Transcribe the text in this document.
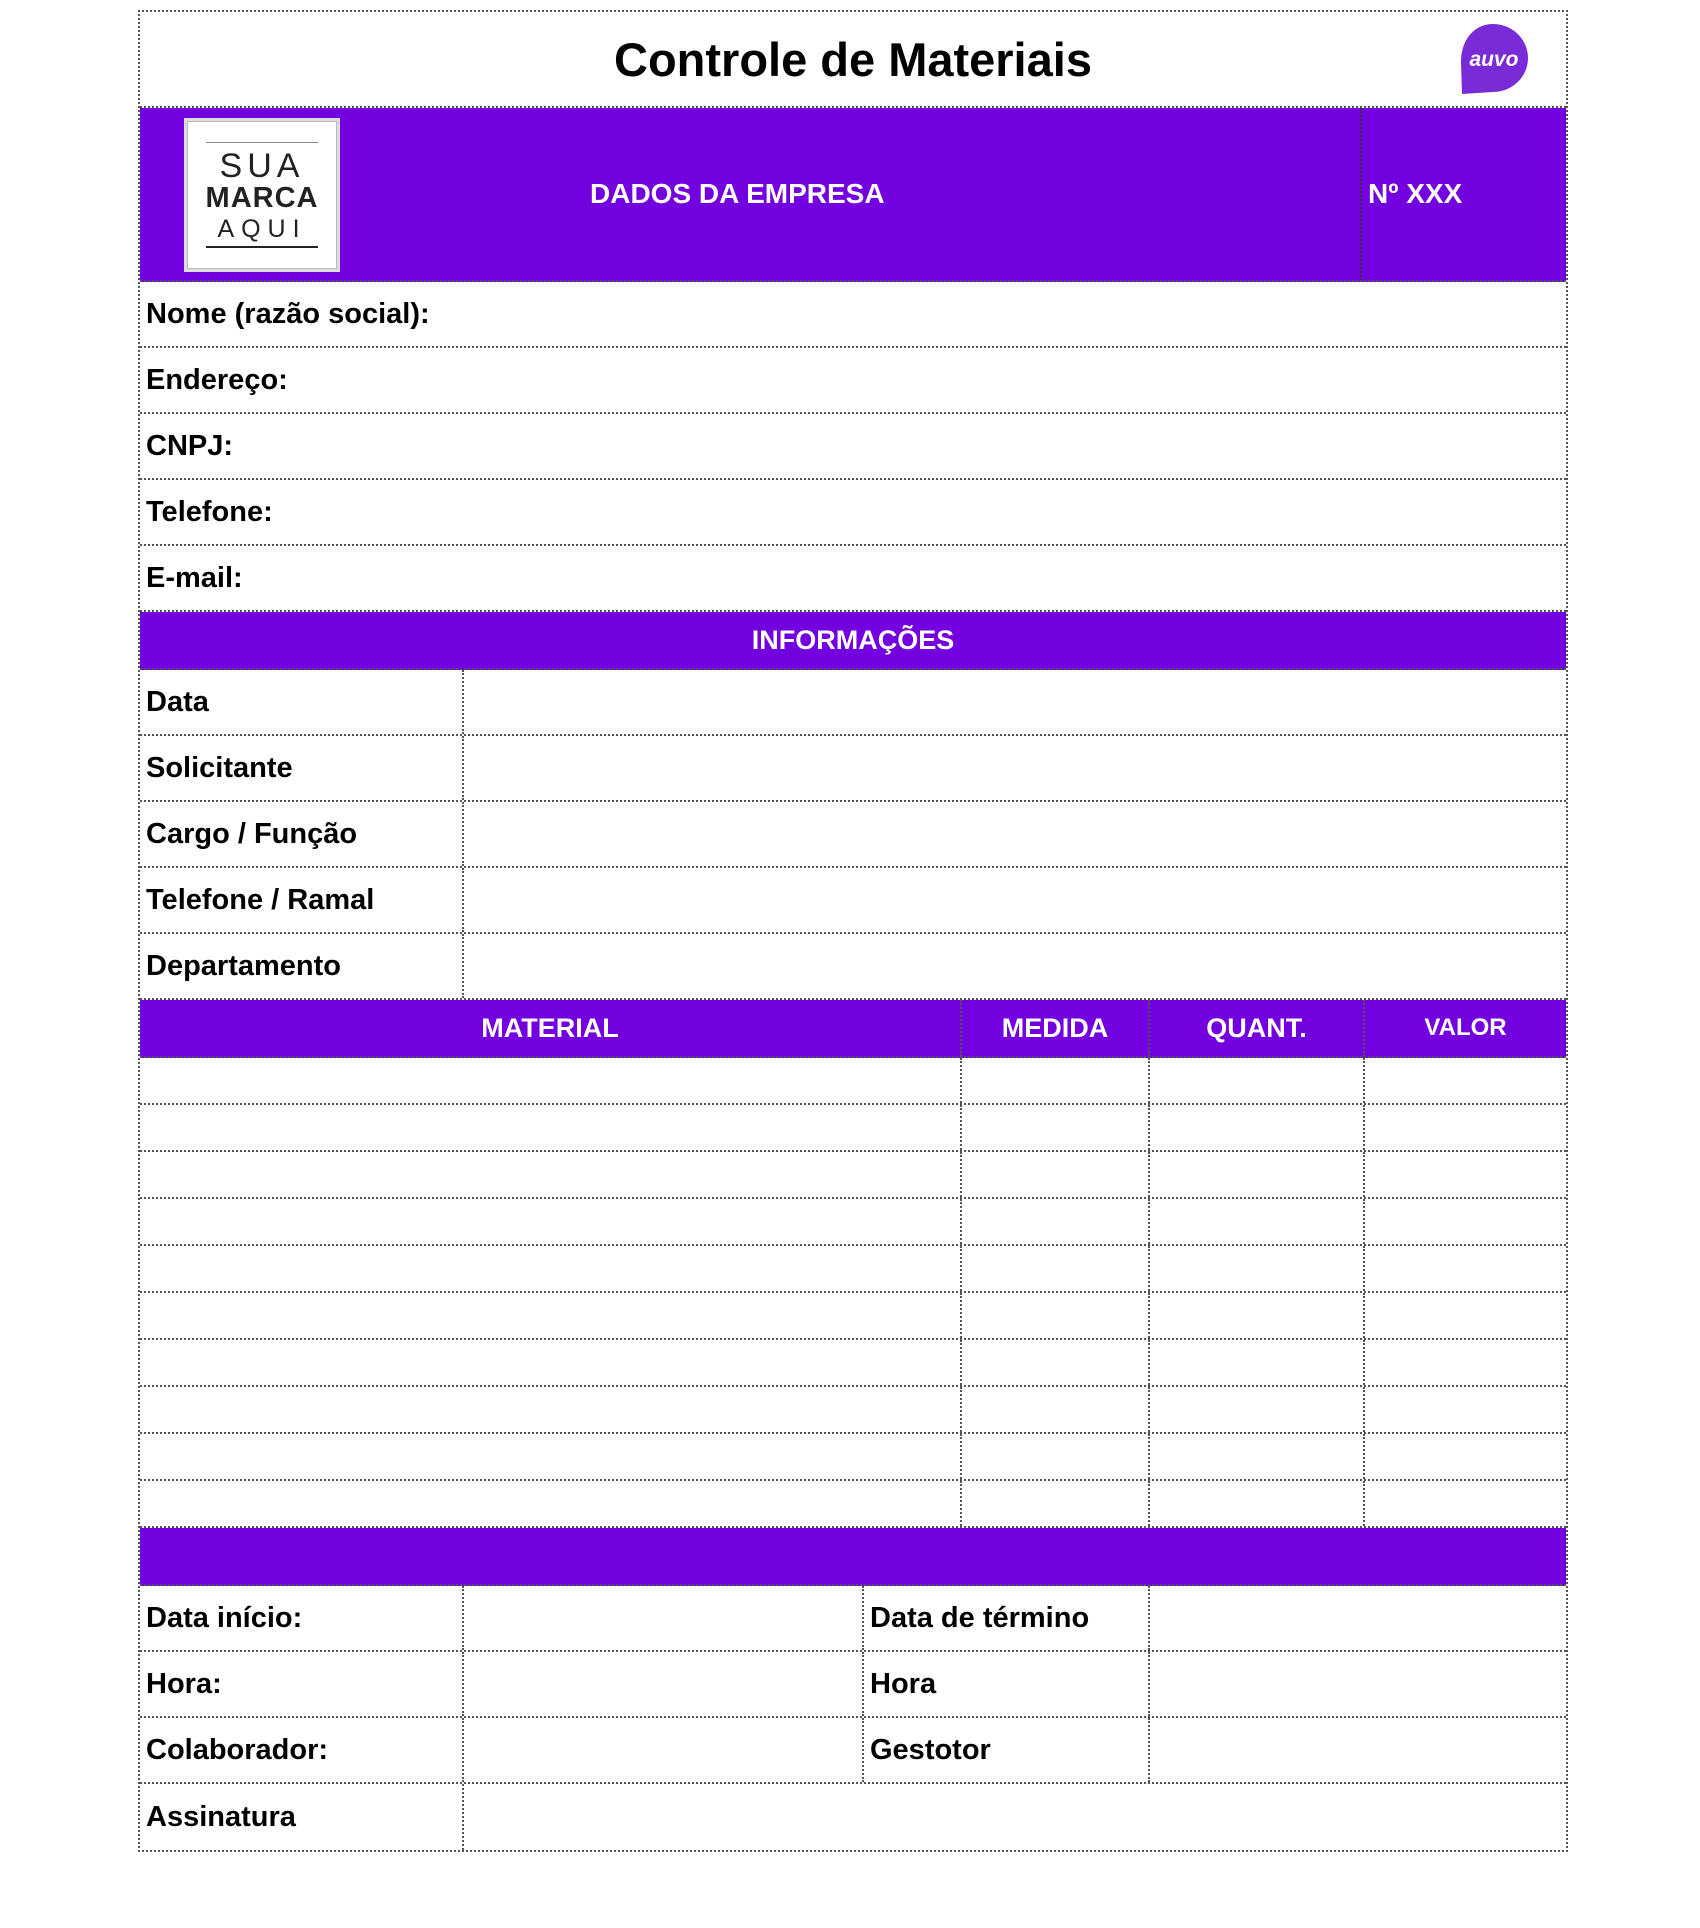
Controle de Materiais	auvo
SUA
MARCA
AQUI
DADOS DA EMPRESA	Nº XXX
Nome (razão social):
Endereço:
CNPJ:
Telefone:
E-mail:
INFORMAÇÕES
Data
Solicitante
Cargo / Função
Telefone / Ramal
Departamento
MATERIAL	MEDIDA	QUANT.	VALOR
Data início:	Data de término
Hora:	Hora
Colaborador:	Gestotor
Assinatura
